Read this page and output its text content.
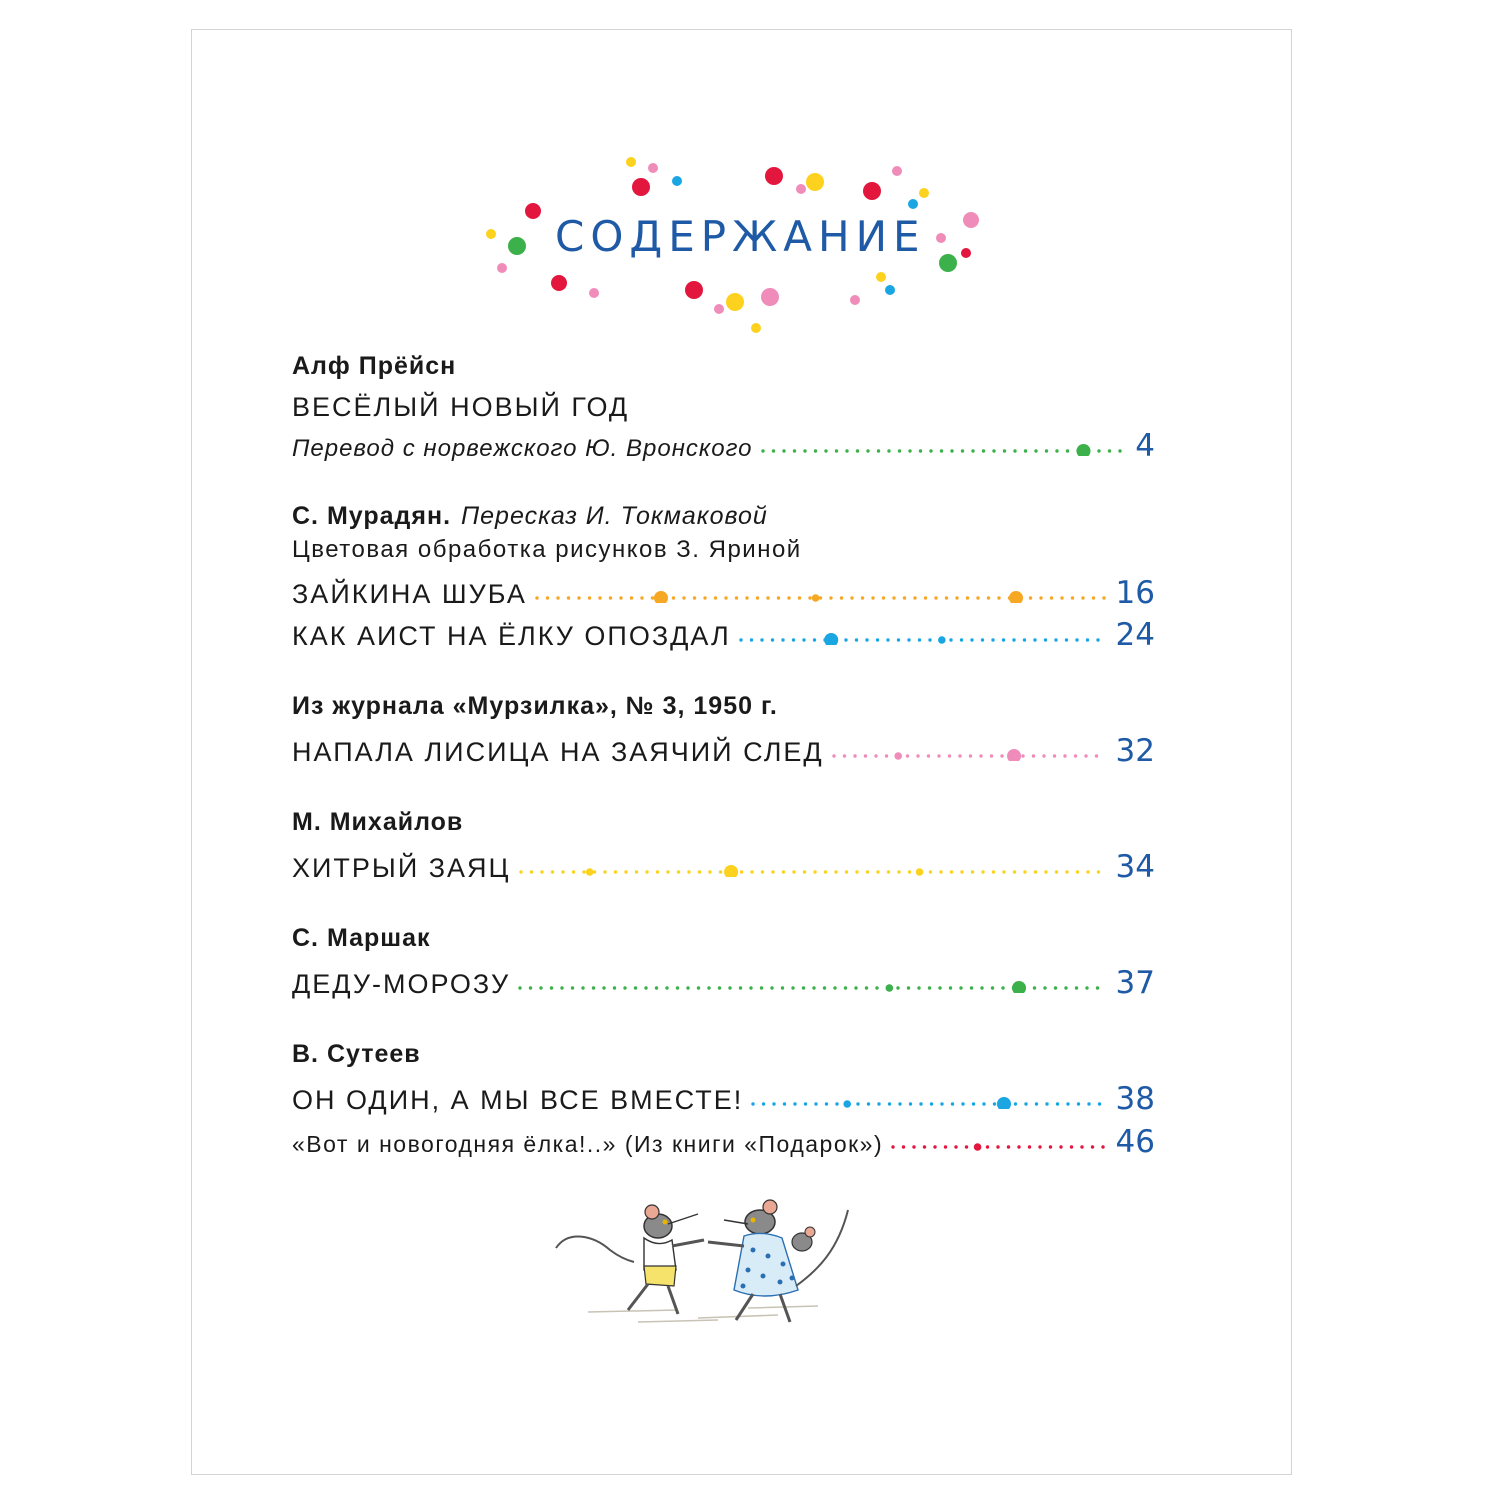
СОДЕРЖАНИЕ
Алф Прёйсн
ВЕСЁЛЫЙ НОВЫЙ ГОД
Перевод с норвежского Ю. Вронского	4
С. Мурадян. Пересказ И. Токмаковой
Цветовая обработка рисунков З. Яриной
ЗАЙКИНА ШУБА	16
КАК АИСТ НА ЁЛКУ ОПОЗДАЛ	24
Из журнала «Мурзилка», № 3, 1950 г.
НАПАЛА ЛИСИЦА НА ЗАЯЧИЙ СЛЕД	32
М. Михайлов
ХИТРЫЙ ЗАЯЦ	34
С. Маршак
ДЕДУ-МОРОЗУ	37
В. Сутеев
ОН ОДИН, А МЫ ВСЕ ВМЕСТЕ!	38
«Вот и новогодняя ёлка!..» (Из книги «Подарок»)	46
